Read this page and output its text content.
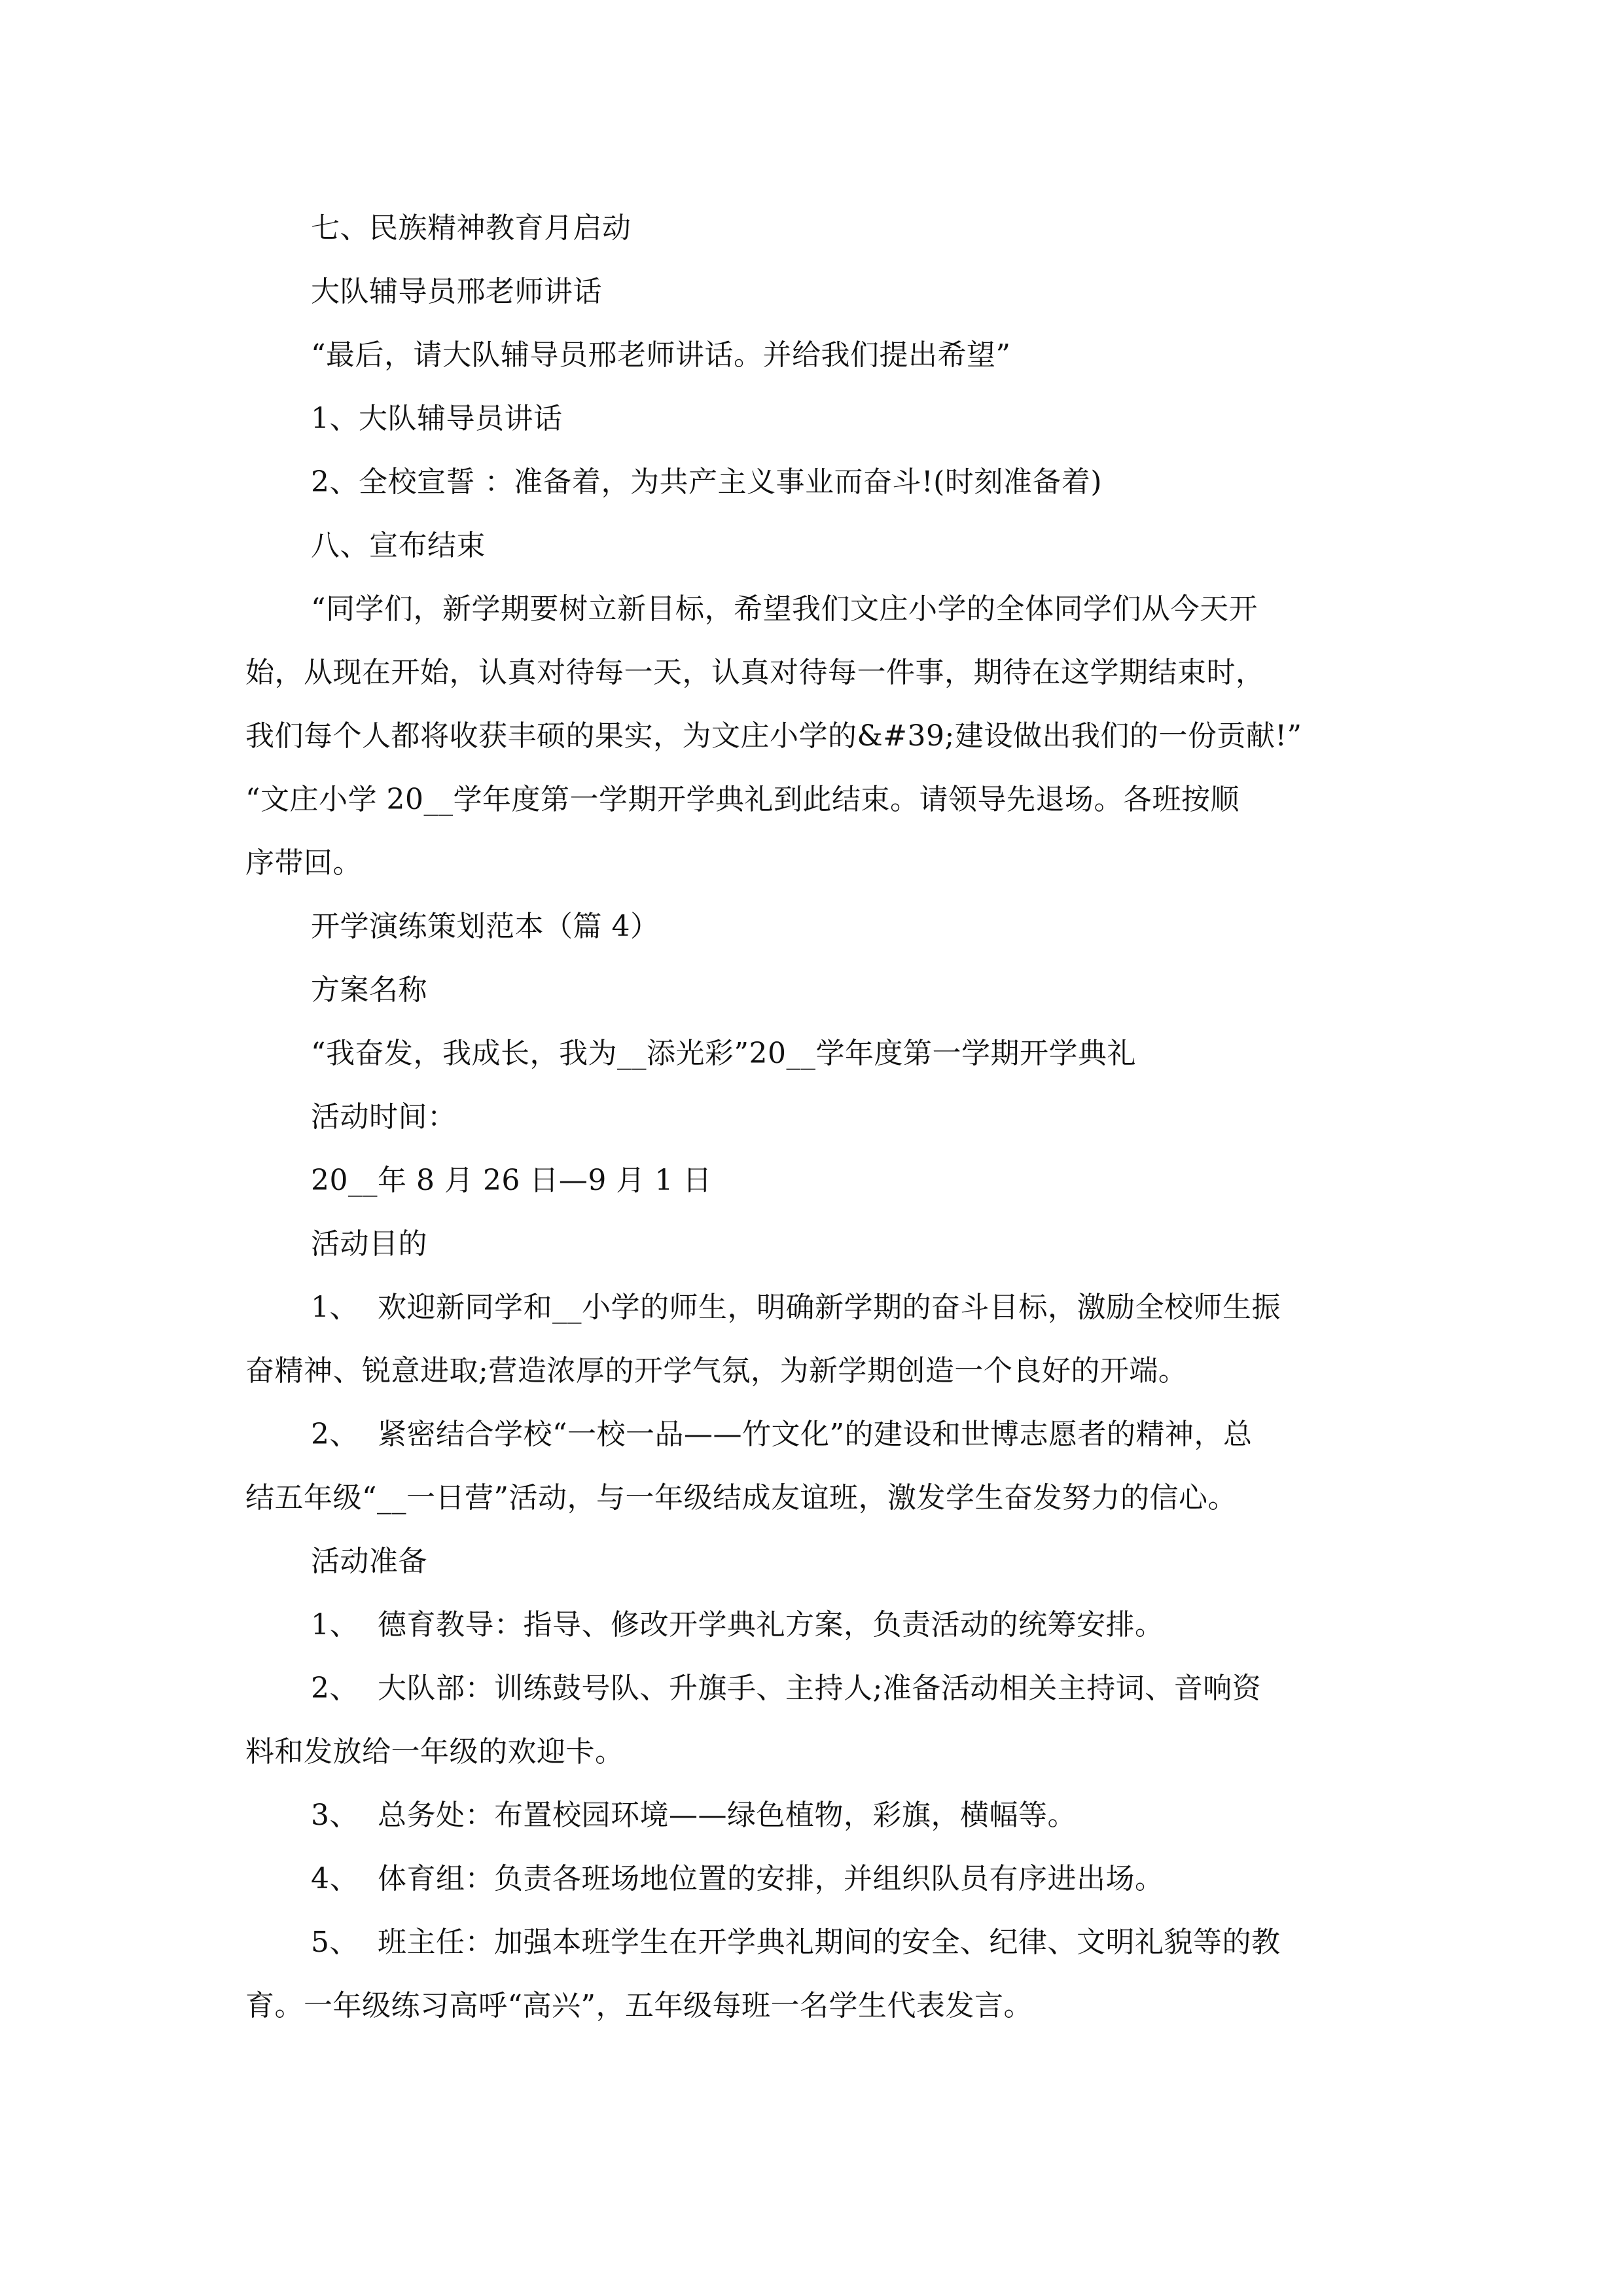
七、民族精神教育月启动
大队辅导员邢老师讲话
“最后，请大队辅导员邢老师讲话。并给我们提出希望”
1、大队辅导员讲话
2、全校宣誓 ：准备着，为共产主义事业而奋斗!(时刻准备着)
八、宣布结束
“同学们，新学期要树立新目标，希望我们文庄小学的全体同学们从今天开
始，从现在开始，认真对待每一天，认真对待每一件事，期待在这学期结束时，
我们每个人都将收获丰硕的果实，为文庄小学的&#39;建设做出我们的一份贡献!”
“文庄小学 20__学年度第一学期开学典礼到此结束。请领导先退场。各班按顺
序带回。
开学演练策划范本（篇 4）
方案名称
“我奋发，我成长，我为__添光彩”20__学年度第一学期开学典礼
活动时间：
20__年 8 月 26 日—9 月 1 日
活动目的
1、  欢迎新同学和__小学的师生，明确新学期的奋斗目标，激励全校师生振
奋精神、锐意进取;营造浓厚的开学气氛，为新学期创造一个良好的开端。
2、  紧密结合学校“一校一品——竹文化”的建设和世博志愿者的精神，总
结五年级“__一日营”活动，与一年级结成友谊班，激发学生奋发努力的信心。
活动准备
1、  德育教导：指导、修改开学典礼方案，负责活动的统筹安排。
2、  大队部：训练鼓号队、升旗手、主持人;准备活动相关主持词、音响资
料和发放给一年级的欢迎卡。
3、  总务处：布置校园环境——绿色植物，彩旗，横幅等。
4、  体育组：负责各班场地位置的安排，并组织队员有序进出场。
5、  班主任：加强本班学生在开学典礼期间的安全、纪律、文明礼貌等的教
育。一年级练习高呼“高兴”，五年级每班一名学生代表发言。
